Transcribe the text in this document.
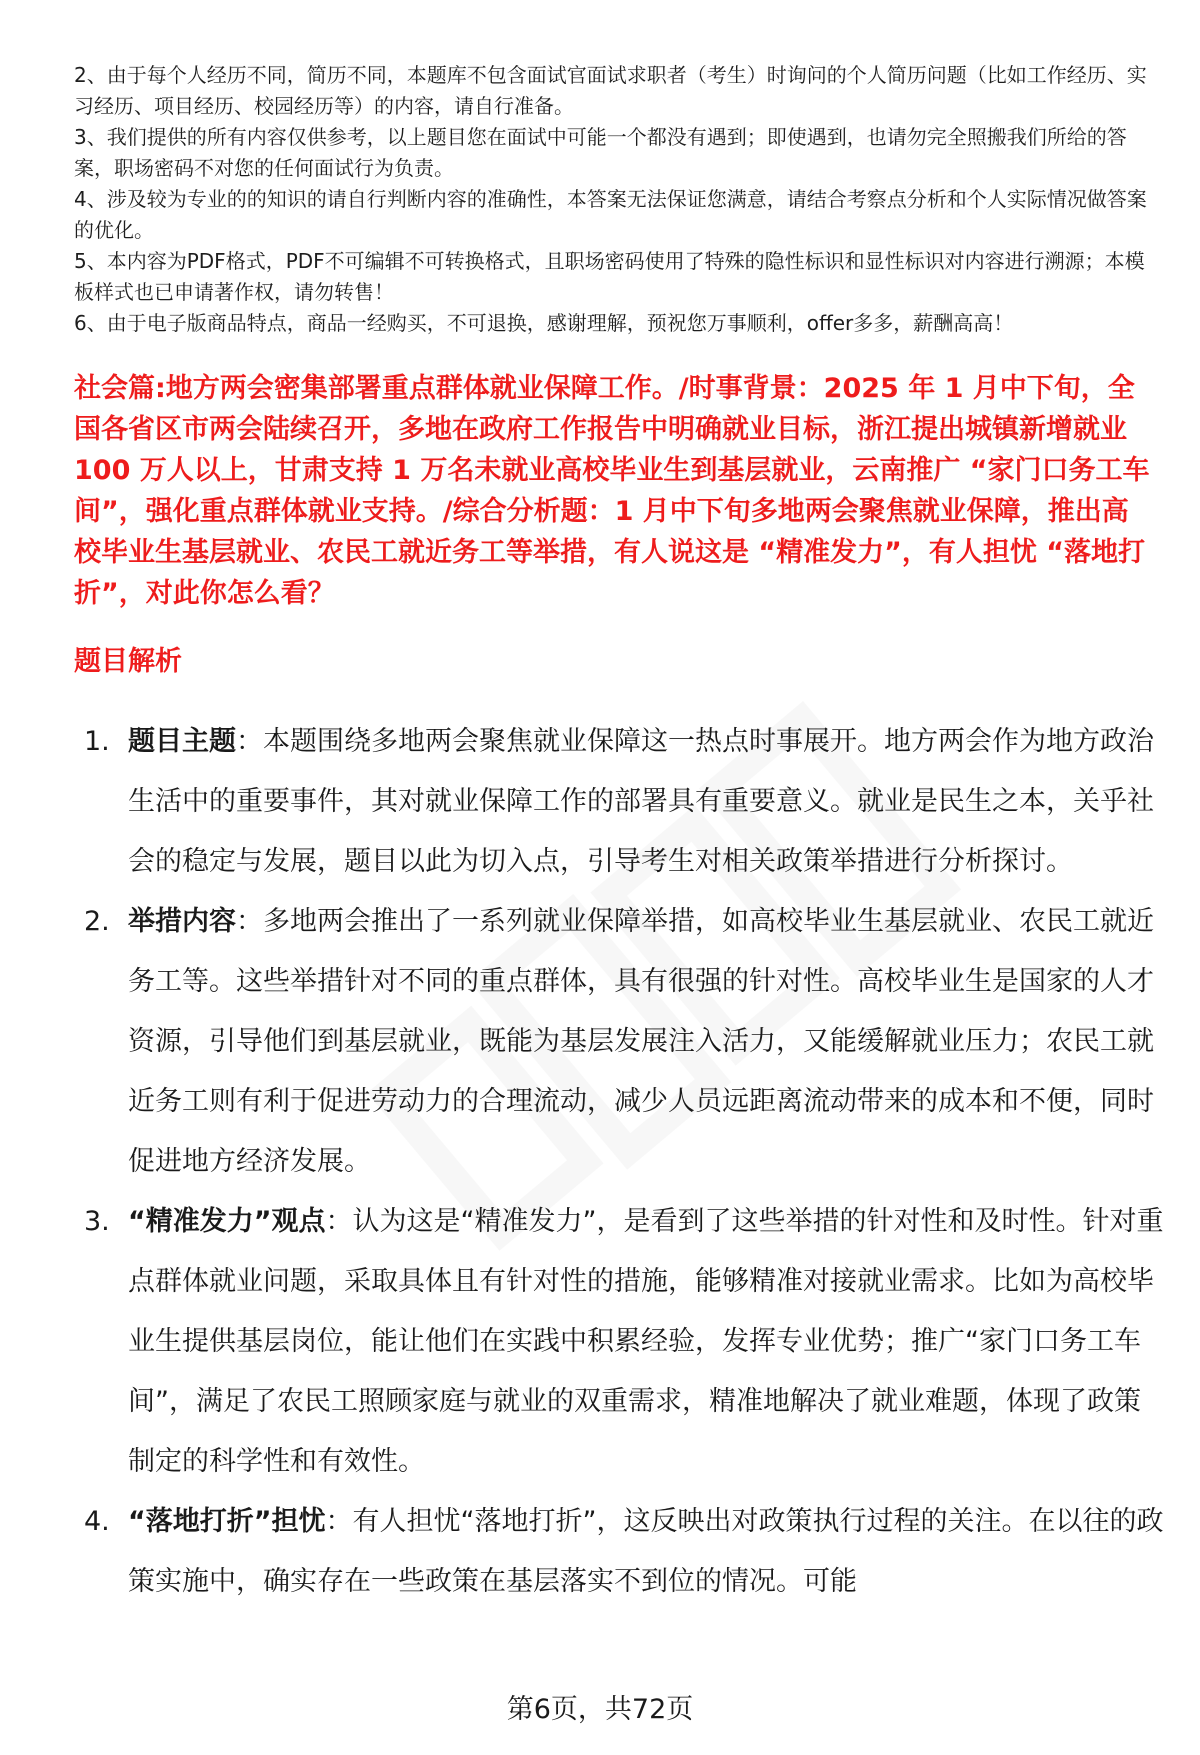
2、由于每个人经历不同，简历不同，本题库不包含面试官面试求职者（考生）时询问的个人简历问题（比如工作经历、实习经历、项目经历、校园经历等）的内容，请自行准备。

3、我们提供的所有内容仅供参考，以上题目您在面试中可能一个都没有遇到；即使遇到，也请勿完全照搬我们所给的答案，职场密码不对您的任何面试行为负责。

4、涉及较为专业的的知识的请自行判断内容的准确性，本答案无法保证您满意，请结合考察点分析和个人实际情况做答案的优化。

5、本内容为PDF格式，PDF不可编辑不可转换格式，且职场密码使用了特殊的隐性标识和显性标识对内容进行溯源；本模板样式也已申请著作权，请勿转售！

6、由于电子版商品特点，商品一经购买，不可退换，感谢理解，预祝您万事顺利，offer多多，薪酬高高！

社会篇:地方两会密集部署重点群体就业保障工作。/时事背景：2025 年 1 月中下旬，全国各省区市两会陆续召开，多地在政府工作报告中明确就业目标，浙江提出城镇新增就业 100 万人以上，甘肃支持 1 万名未就业高校毕业生到基层就业，云南推广 “家门口务工车间”，强化重点群体就业支持。/综合分析题：1 月中下旬多地两会聚焦就业保障，推出高校毕业生基层就业、农民工就近务工等举措，有人说这是 “精准发力”，有人担忧 “落地打折”，对此你怎么看？

题目解析

1. 题目主题：本题围绕多地两会聚焦就业保障这一热点时事展开。地方两会作为地方政治生活中的重要事件，其对就业保障工作的部署具有重要意义。就业是民生之本，关乎社会的稳定与发展，题目以此为切入点，引导考生对相关政策举措进行分析探讨。
2. 举措内容：多地两会推出了一系列就业保障举措，如高校毕业生基层就业、农民工就近务工等。这些举措针对不同的重点群体，具有很强的针对性。高校毕业生是国家的人才资源，引导他们到基层就业，既能为基层发展注入活力，又能缓解就业压力；农民工就近务工则有利于促进劳动力的合理流动，减少人员远距离流动带来的成本和不便，同时促进地方经济发展。
3. “精准发力”观点：认为这是“精准发力”，是看到了这些举措的针对性和及时性。针对重点群体就业问题，采取具体且有针对性的措施，能够精准对接就业需求。比如为高校毕业生提供基层岗位，能让他们在实践中积累经验，发挥专业优势；推广“家门口务工车间”，满足了农民工照顾家庭与就业的双重需求，精准地解决了就业难题，体现了政策制定的科学性和有效性。
4. “落地打折”担忧：有人担忧“落地打折”，这反映出对政策执行过程的关注。在以往的政策实施中，确实存在一些政策在基层落实不到位的情况。可能
第6页，共72页
